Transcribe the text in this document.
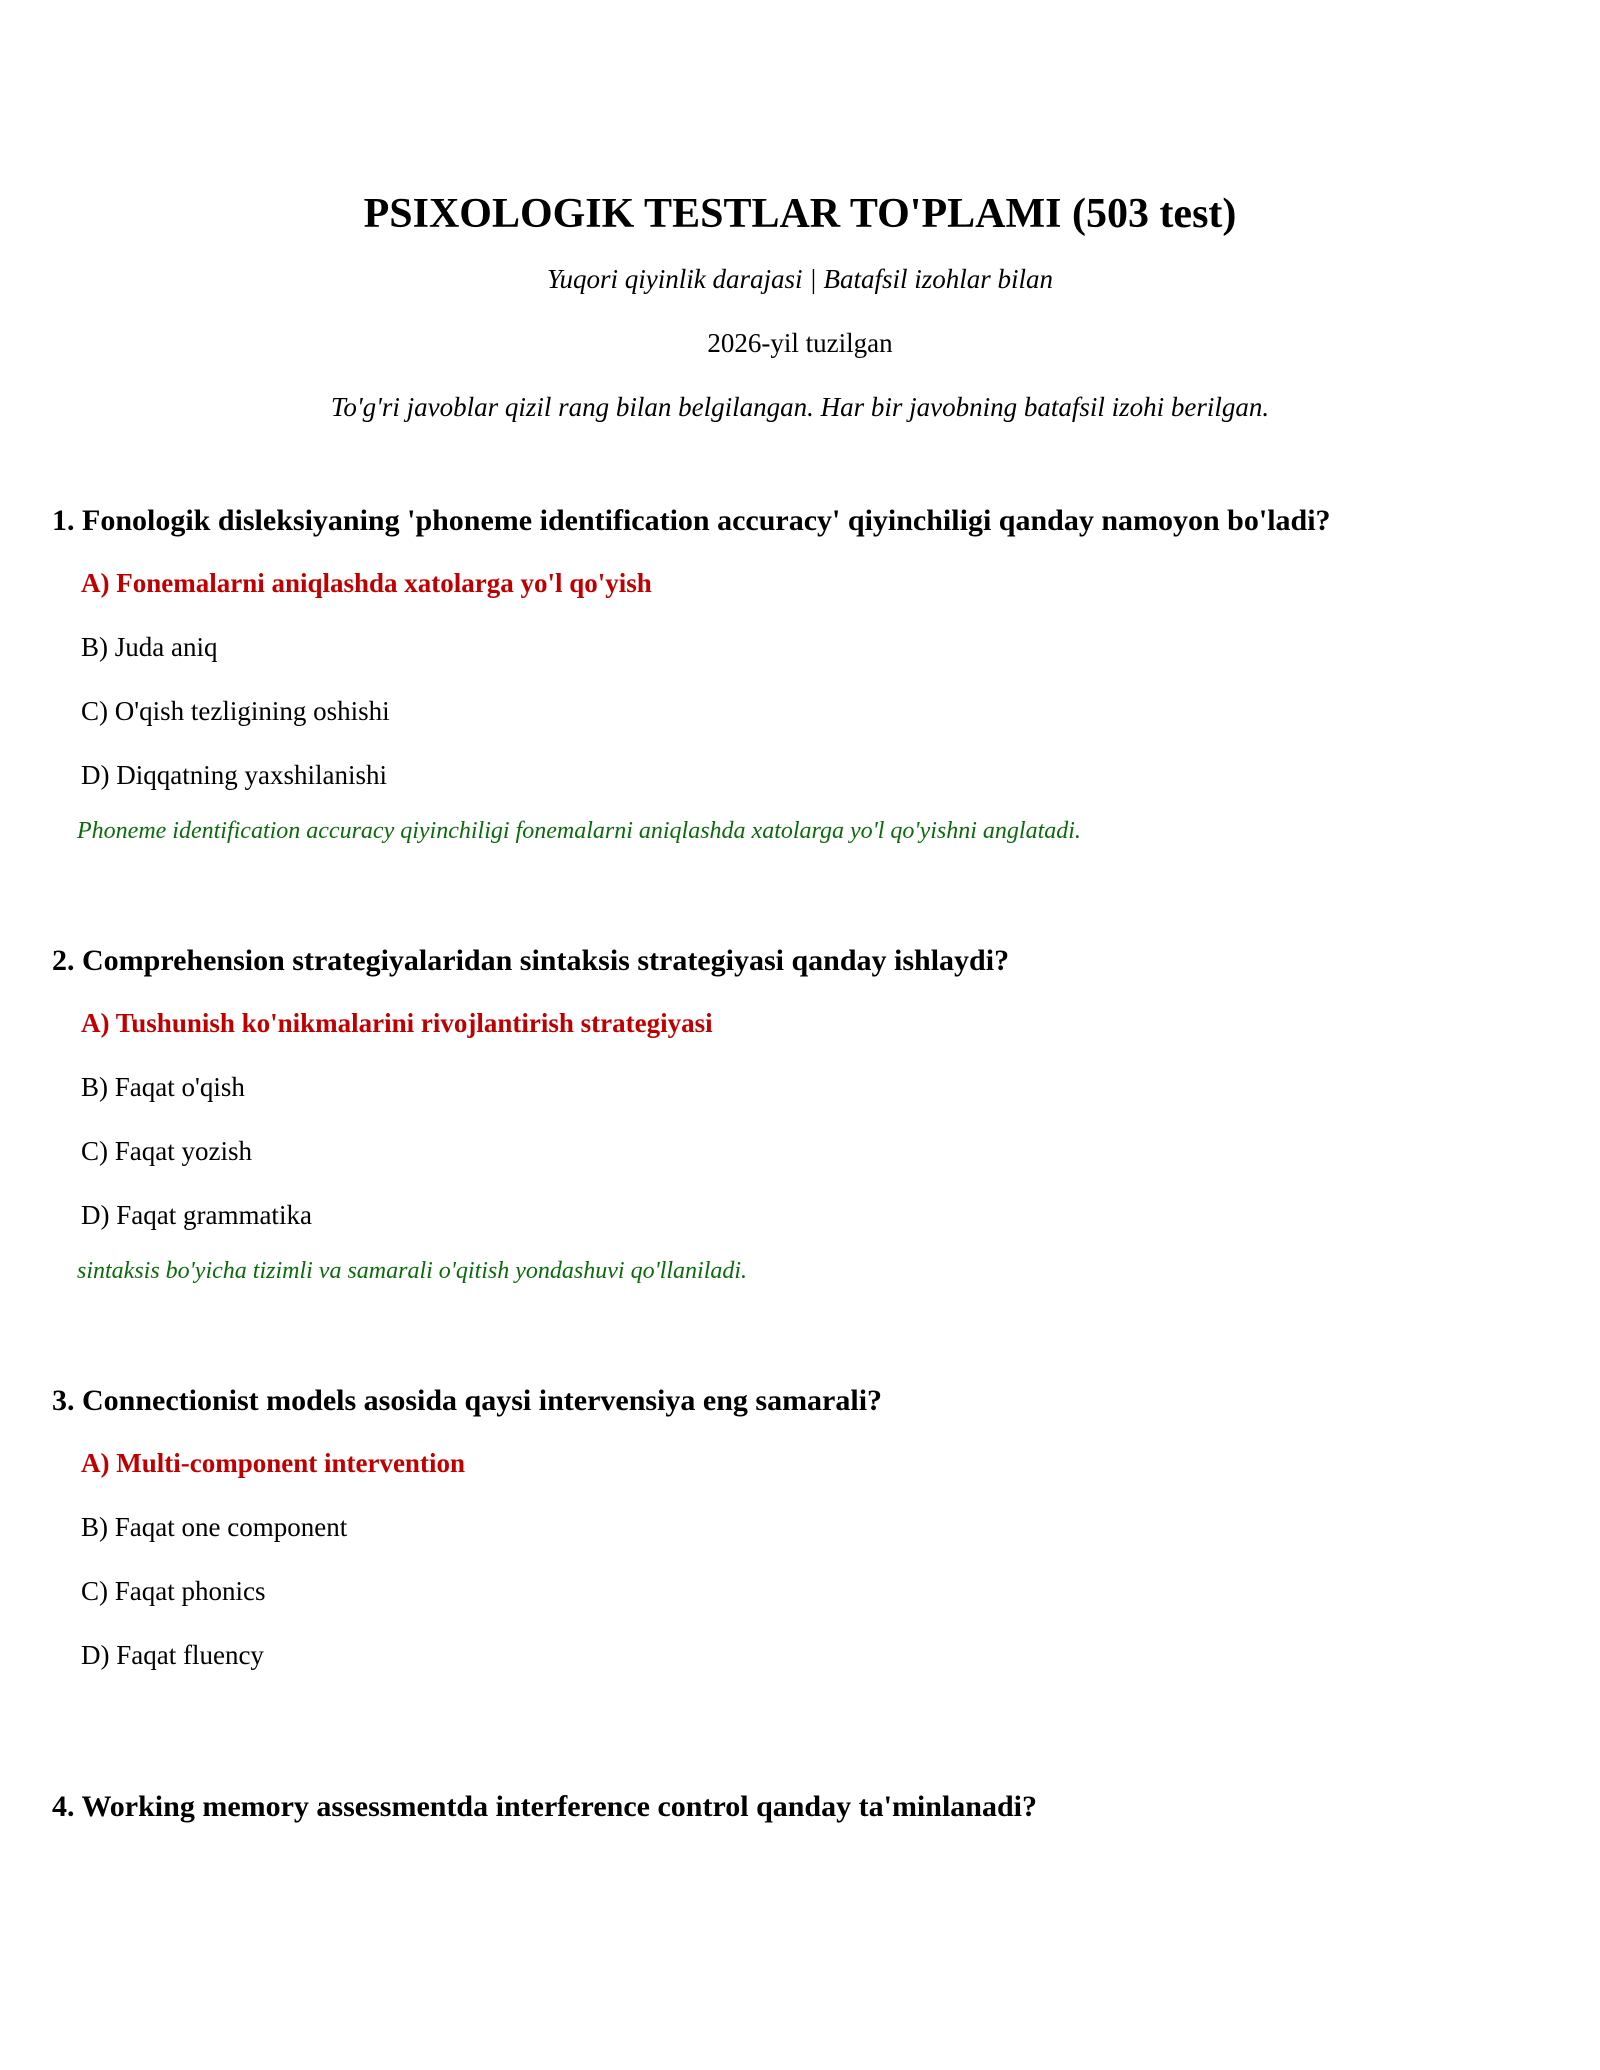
PSIXOLOGIK TESTLAR TO'PLAMI (503 test)

Yuqori qiyinlik darajasi | Batafsil izohlar bilan

2026-yil tuzilgan

To'g'ri javoblar qizil rang bilan belgilangan. Har bir javobning batafsil izohi berilgan.

1. Fonologik disleksiyaning 'phoneme identification accuracy' qiyinchiligi qanday namoyon bo'ladi?

A) Fonemalarni aniqlashda xatolarga yo'l qo'yish
B) Juda aniq
C) O'qish tezligining oshishi
D) Diqqatning yaxshilanishi

Phoneme identification accuracy qiyinchiligi fonemalarni aniqlashda xatolarga yo'l qo'yishni anglatadi.

2. Comprehension strategiyalaridan sintaksis strategiyasi qanday ishlaydi?

A) Tushunish ko'nikmalarini rivojlantirish strategiyasi
B) Faqat o'qish
C) Faqat yozish
D) Faqat grammatika

sintaksis bo'yicha tizimli va samarali o'qitish yondashuvi qo'llaniladi.

3. Connectionist models asosida qaysi intervensiya eng samarali?

A) Multi-component intervention
B) Faqat one component
C) Faqat phonics
D) Faqat fluency

4. Working memory assessmentda interference control qanday ta'minlanadi?
